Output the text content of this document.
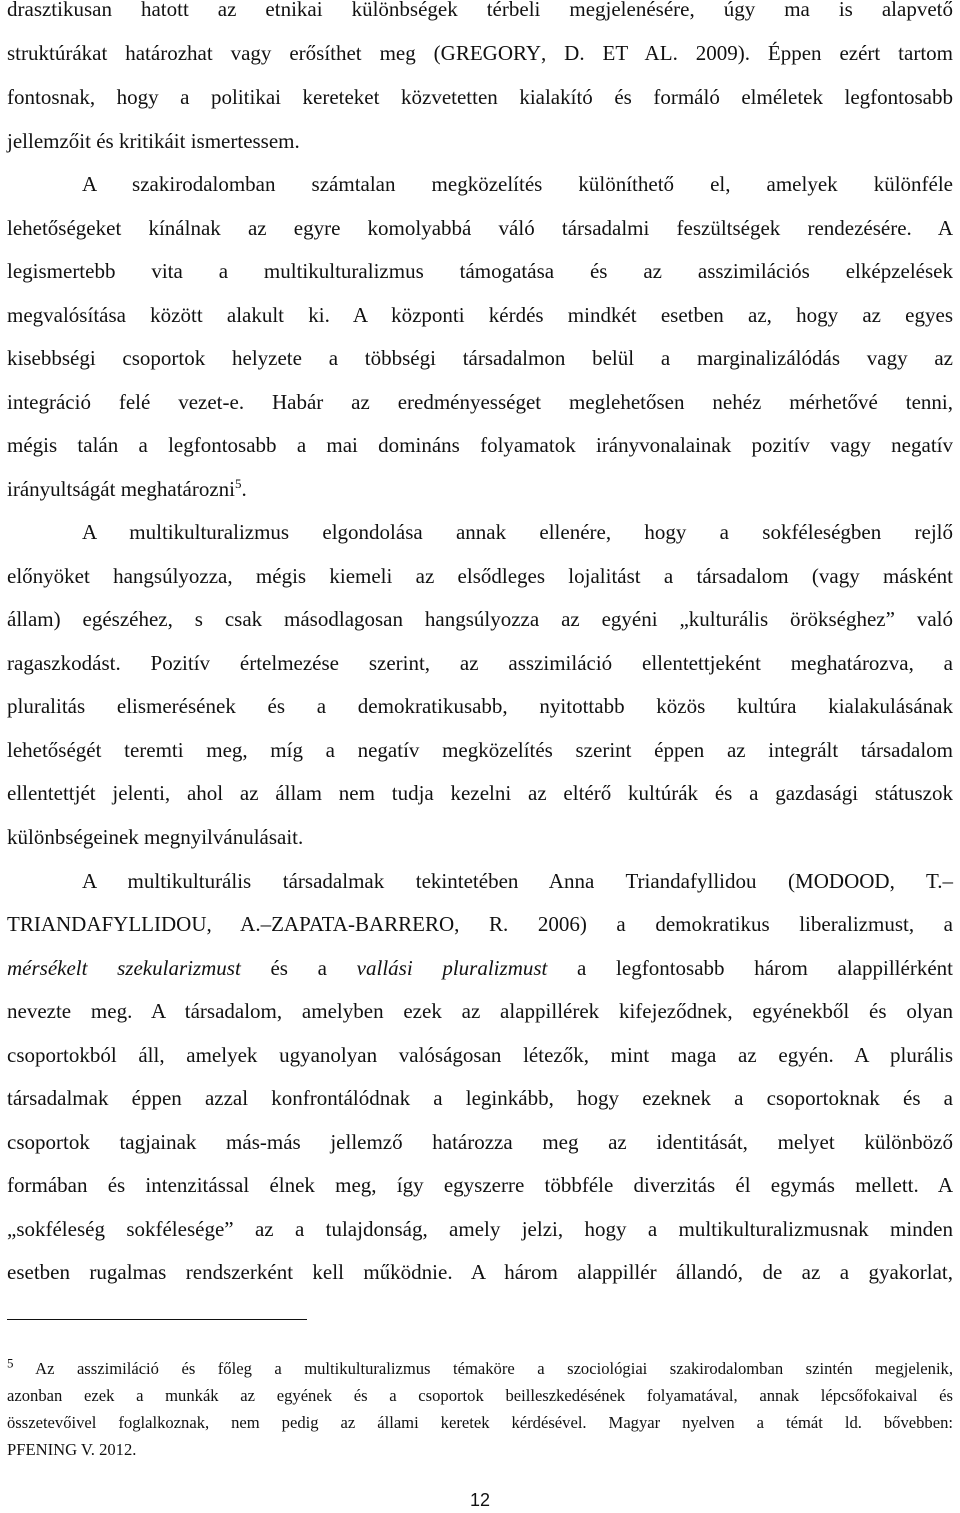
drasztikusan hatott az etnikai különbségek térbeli megjelenésére, úgy ma is alapvető
struktúrákat határozhat vagy erősíthet meg (GREGORY, D. ET AL. 2009). Éppen ezért tartom
fontosnak, hogy a politikai kereteket közvetetten kialakító és formáló elméletek legfontosabb
jellemzőit és kritikáit ismertessem.
A szakirodalomban számtalan megközelítés különíthető el, amelyek különféle
lehetőségeket kínálnak az egyre komolyabbá váló társadalmi feszültségek rendezésére. A
legismertebb vita a multikulturalizmus támogatása és az asszimilációs elképzelések
megvalósítása között alakult ki. A központi kérdés mindkét esetben az, hogy az egyes
kisebbségi csoportok helyzete a többségi társadalmon belül a marginalizálódás vagy az
integráció felé vezet-e. Habár az eredményességet meglehetősen nehéz mérhetővé tenni,
mégis talán a legfontosabb a mai domináns folyamatok irányvonalainak pozitív vagy negatív
irányultságát meghatározni$^5$.
A multikulturalizmus elgondolása annak ellenére, hogy a sokféleségben rejlő
előnyöket hangsúlyozza, mégis kiemeli az elsődleges lojalitást a társadalom (vagy másként
állam) egészéhez, s csak másodlagosan hangsúlyozza az egyéni „kulturális örökséghez” való
ragaszkodást. Pozitív értelmezése szerint, az asszimiláció ellentettjeként meghatározva, a
pluralitás elismerésének és a demokratikusabb, nyitottabb közös kultúra kialakulásának
lehetőségét teremti meg, míg a negatív megközelítés szerint éppen az integrált társadalom
ellentettjét jelenti, ahol az állam nem tudja kezelni az eltérő kultúrák és a gazdasági státuszok
különbségeinek megnyilvánulásait.
A multikulturális társadalmak tekintetében Anna Triandafyllidou (MODOOD, T.–
TRIANDAFYLLIDOU, A.–ZAPATA-BARRERO, R. 2006) a demokratikus liberalizmust, a
mérsékelt szekularizmust és a vallási pluralizmust a legfontosabb három alappillérként
nevezte meg. A társadalom, amelyben ezek az alappillérek kifejeződnek, egyénekből és olyan
csoportokból áll, amelyek ugyanolyan valóságosan létezők, mint maga az egyén. A plurális
társadalmak éppen azzal konfrontálódnak a leginkább, hogy ezeknek a csoportoknak és a
csoportok tagjainak más-más jellemző határozza meg az identitását, melyet különböző
formában és intenzitással élnek meg, így egyszerre többféle diverzitás él egymás mellett. A
„sokféleség sokfélesége” az a tulajdonság, amely jelzi, hogy a multikulturalizmusnak minden
esetben rugalmas rendszerként kell működnie. A három alappillér állandó, de az a gyakorlat,
$^5$ Az asszimiláció és főleg a multikulturalizmus témaköre a szociológiai szakirodalomban szintén megjelenik,
azonban ezek a munkák az egyének és a csoportok beilleszkedésének folyamatával, annak lépcsőfokaival és
összetevőivel foglalkoznak, nem pedig az állami keretek kérdésével. Magyar nyelven a témát ld. bővebben:
PFENING V. 2012.
12
